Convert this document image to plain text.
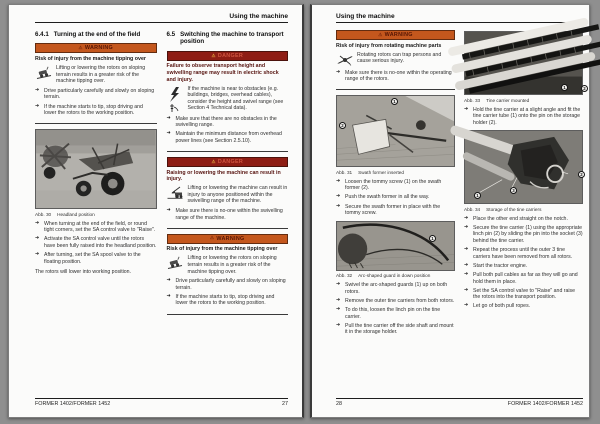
Using the machine
6.4.1 Turning at the end of the field
⚠ WARNING

Risk of injury from the machine tipping over

Lifting or lowering the rotors on sloping terrain results in a greater risk of the machine tipping over.

➜ Drive particularly carefully and slowly on sloping terrain.
➜ If the machine starts to tip, stop driving and lower the rotors to the working position.
Abb. 30 Headland position
➜ When turning at the end of the field, or round tight corners, set the SA control valve to "Raise".
➜ Activate the SA control valve until the rotors have been fully raised into the headland position.
➜ After turning, set the SA spool valve to the floating position.

The rotors will lower into working position.

6.5 Switching the machine to transport position
⚠ DANGER

Failure to observe transport height and swivelling range may result in electric shock and injury.

If the machine is near to obstacles (e.g. buildings, bridges, overhead cables), consider the height and swivel range (see Section 4 Technical data).

➜ Make sure that there are no obstacles in the swivelling range.
➜ Maintain the minimum distance from overhead power lines (see Section 2.5.10).
⚠ DANGER

Raising or lowering the machine can result in injury.

Lifting or lowering the machine can result in injury to anyone positioned within the swivelling range of the machine.

➜ Make sure there is no-one within the swivelling range of the machine.
⚠ WARNING

Risk of injury from the machine tipping over

Lifting or lowering the rotors on sloping terrain results in a greater risk of the machine tipping over.

➜ Drive particularly carefully and slowly on sloping terrain.
➜ If the machine starts to tip, stop driving and lower the rotors to the working position.
FORMER 1402/FORMER 1452	27
Using the machine
⚠ WARNING

Risk of injury from rotating machine parts

Rotating rotors can trap persons and cause serious injury.

➜ Make sure there is no-one within the operating range of the rotors.
1
2
Abb. 31 Swath former inserted
➜ Loosen the tommy screw (1) on the swath former (2).
➜ Push the swath former in all the way.
➜ Secure the swath former in place with the tommy screw.
1
Abb. 32 Arc-shaped guard in down position
➜ Swivel the arc-shaped guards (1) up on both rotors.
➜ Remove the outer tine carriers from both rotors.
➜ To do this, loosen the linch pin on the tine carrier.
➜ Pull the tine carrier off the side shaft and mount it in the storage holder.
1	2
Abb. 33 Tine carrier mounted
➜ Hold the tine carrier at a slight angle and fit the tine carrier tube (1) onto the pin on the storage holder (2).
1
3
2
Abb. 34 Storage of the tine carriers
➜ Place the other end straight on the notch.
➜ Secure the tine carrier (1) using the appropriate linch pin (2) by sliding the pin into the socket (3) behind the tine carrier.
➜ Repeat the process until the outer 3 tine carriers have been removed from all rotors.
➜ Start the tractor engine.
➜ Pull both pull cables as far as they will go and hold them in place.
➜ Set the SA control valve to "Raise" and raise the rotors into the transport position.
➜ Let go of both pull ropes.
28	FORMER 1402/FORMER 1452
